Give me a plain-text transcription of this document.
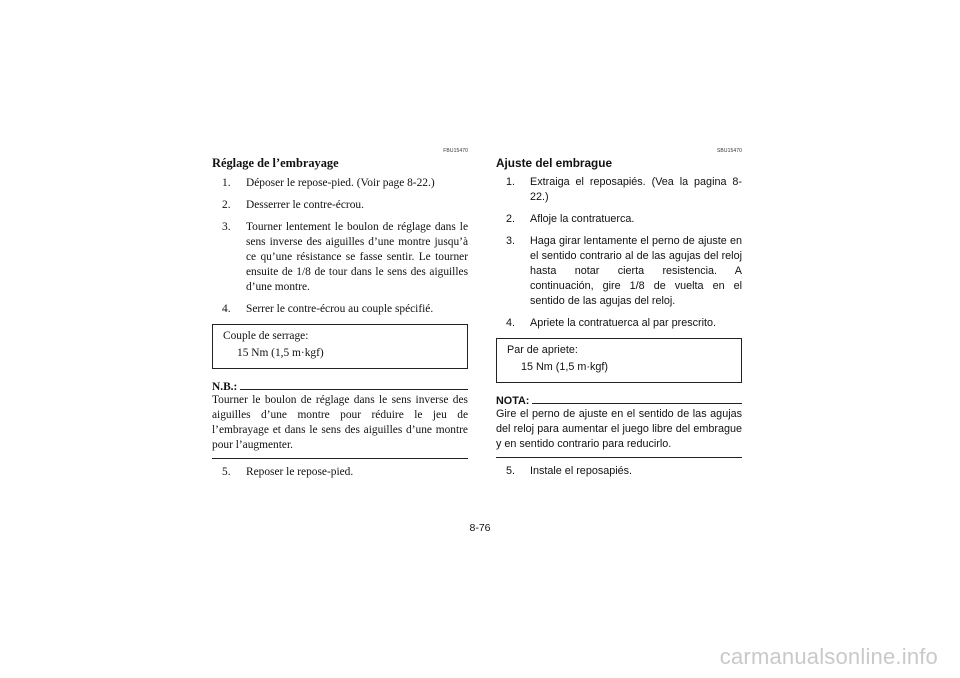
FBU15470
Réglage de l’embrayage
1.	Déposer le repose-pied. (Voir page 8-22.)
2.	Desserrer le contre-écrou.
3.	Tourner lentement le boulon de réglage dans le sens inverse des aiguilles d’une montre jusqu’à ce qu’une résistance se fasse sentir. Le tourner ensuite de 1/8 de tour dans le sens des aiguilles d’une montre.
4.	Serrer le contre-écrou au couple spécifié.
Couple de serrage:
15 Nm (1,5 m·kgf)
N.B.:
Tourner le boulon de réglage dans le sens inverse des aiguilles d’une montre pour réduire le jeu de l’embrayage et dans le sens des aiguilles d’une montre pour l’augmenter.
5.	Reposer le repose-pied.
SBU15470
Ajuste del embrague
1.	Extraiga el reposapiés. (Vea la pagina 8-22.)
2.	Afloje la contratuerca.
3.	Haga girar lentamente el perno de ajuste en el sentido contrario al de las agujas del reloj hasta notar cierta resistencia. A continuación, gire 1/8 de vuelta en el sentido de las agujas del reloj.
4.	Apriete la contratuerca al par prescrito.
Par de apriete:
15 Nm (1,5 m·kgf)
NOTA:
Gire el perno de ajuste en el sentido de las agujas del reloj para aumentar el juego libre del embrague y en sentido contrario para reducirlo.
5.	Instale el reposapiés.
8-76
carmanualsonline.info
